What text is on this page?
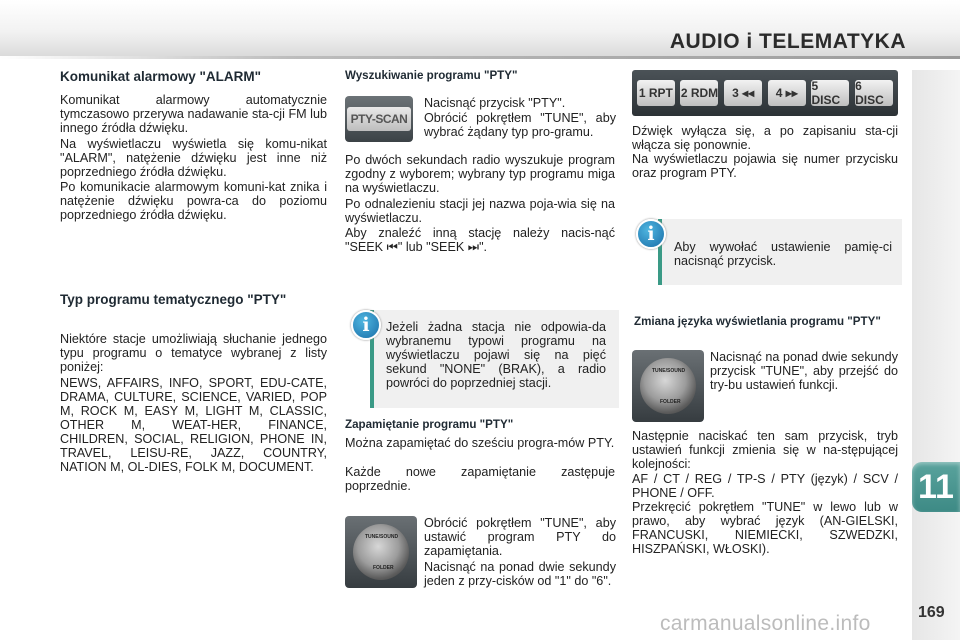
AUDIO i TELEMATYKA
11
169
carmanualsonline.info
Komunikat alarmowy "ALARM"

Komunikat alarmowy automatycznie tymczasowo przerywa nadawanie sta-cji FM lub innego źródła dźwięku.

Na wyświetlaczu wyświetla się komu-nikat "ALARM", natężenie dźwięku jest inne niż poprzedniego źródła dźwięku.

Po komunikacie alarmowym komuni-kat znika i natężenie dźwięku powra-ca do poziomu poprzedniego źródła dźwięku.

Typ programu tematycznego "PTY"

Niektóre stacje umożliwiają słuchanie jednego typu programu o tematyce wybranej z listy poniżej:

NEWS, AFFAIRS, INFO, SPORT, EDU-CATE, DRAMA, CULTURE, SCIENCE, VARIED, POP M, ROCK M, EASY M, LIGHT M, CLASSIC, OTHER M, WEAT-HER, FINANCE, CHILDREN, SOCIAL, RELIGION, PHONE IN, TRAVEL, LEISU-RE, JAZZ, COUNTRY, NATION M, OL-DIES, FOLK M, DOCUMENT.

Wyszukiwanie programu "PTY"
PTY-SCAN

Nacisnąć przycisk "PTY".

Obrócić pokrętłem "TUNE", aby wybrać żądany typ pro-gramu.

Po dwóch sekundach radio wyszukuje program zgodny z wyborem; wybrany typ programu miga na wyświetlaczu.

Po odnalezieniu stacji jej nazwa poja-wia się na wyświetlaczu.

Aby znaleźć inną stację należy nacis-nąć "SEEK ⏮" lub "SEEK ⏭".

Jeżeli żadna stacja nie odpowia-da wybranemu typowi programu na wyświetlaczu pojawi się na pięć sekund "NONE" (BRAK), a radio powróci do poprzedniej stacji.

i
Zapamiętanie programu "PTY"

Można zapamiętać do sześciu progra-mów PTY.

Każde nowe zapamiętanie zastępuje poprzednie.

TUNE/SOUND
FOLDER

Obrócić pokrętłem "TUNE", aby ustawić program PTY do zapamiętania.

Nacisnąć na ponad dwie sekundy jeden z przy-cisków od "1" do "6".

1 RPT 2 RDM	3 ◂◂	4 ▸▸	5 DISC
6 DISC

Dźwięk wyłącza się, a po zapisaniu sta-cji włącza się ponownie.

Na wyświetlaczu pojawia się numer przycisku oraz program PTY.

Aby wywołać ustawienie pamię-ci nacisnąć przycisk.

i
Zmiana języka wyświetlania programu "PTY"
TUNE/SOUND
FOLDER

Nacisnąć na ponad dwie sekundy przycisk "TUNE", aby przejść do try-bu ustawień funkcji.

Następnie naciskać ten sam przycisk, tryb ustawień funkcji zmienia się w na-stępującej kolejności:

AF / CT / REG / TP-S / PTY (język) / SCV / PHONE / OFF.

Przekręcić pokrętłem "TUNE" w lewo lub w prawo, aby wybrać język (AN-GIELSKI, FRANCUSKI, NIEMIECKI, SZWEDZKI, HISZPAŃSKI, WŁOSKI).
